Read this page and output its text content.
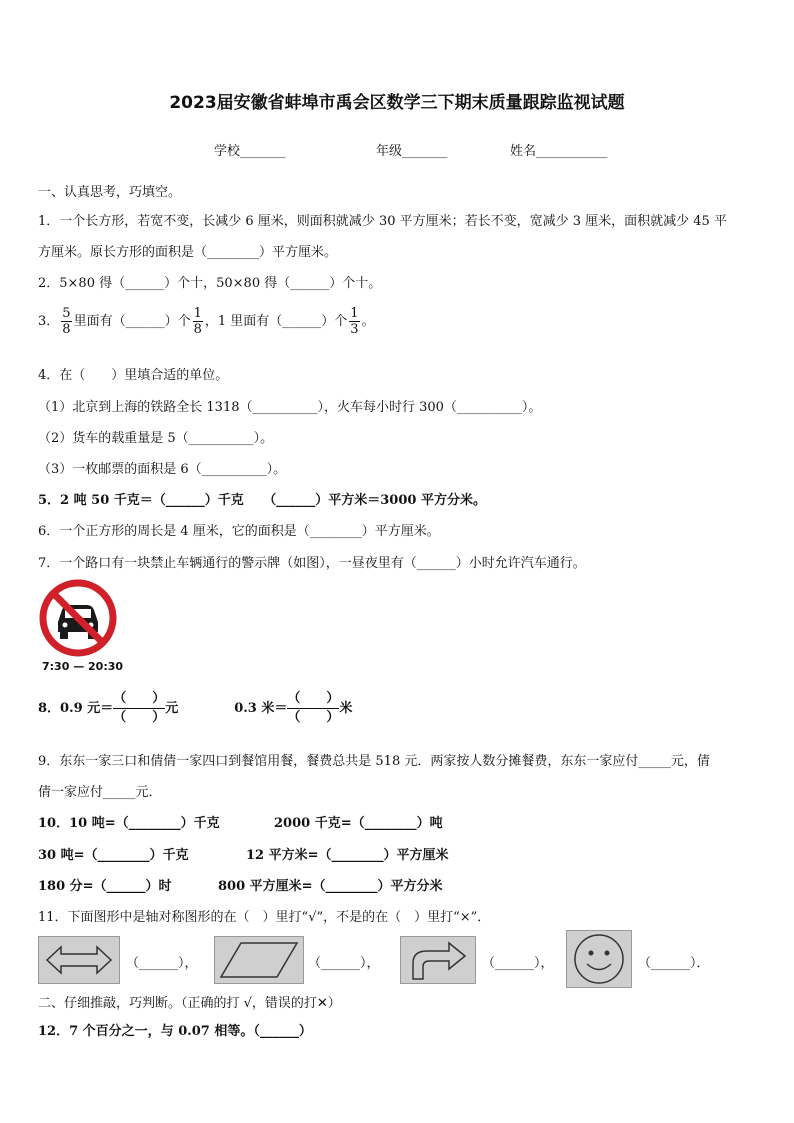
2023届安徽省蚌埠市禹会区数学三下期末质量跟踪监视试题
学校_______	年级_______	姓名___________
一、认真思考，巧填空。
1．一个长方形，若宽不变，长减少 6 厘米，则面积就减少 30 平方厘米；若长不变，宽减少 3 厘米，面积就减少 45 平
方厘米。原长方形的面积是（________）平方厘米。
2．5×80 得（______）个十，50×80 得（______）个十。
3． $\frac{5}{8}$ 里面有（______）个 $\frac{1}{8}$ ，1 里面有（______）个 $\frac{1}{3}$ 。
4．在（　　）里填合适的单位。
（1）北京到上海的铁路全长 1318（__________），火车每小时行 300（__________）。
（2）货车的载重量是 5（__________）。
（3）一枚邮票的面积是 6（__________）。
5．2 吨 50 千克＝（______）千克　　（______）平方米＝3000 平方分米。
6．一个正方形的周长是 4 厘米，它的面积是（________）平方厘米。
7．一个路口有一块禁止车辆通行的警示牌（如图），一昼夜里有（______）小时允许汽车通行。
7:30 — 20:30
8．0.9 元＝ $\frac{( )}{( )}$ 元	0.3 米＝ $\frac{( )}{( )}$ 米
9．东东一家三口和倩倩一家四口到餐馆用餐，餐费总共是 518 元．两家按人数分摊餐费，东东一家应付_____元，倩
倩一家应付_____元．
10．10 吨=（________）千克	2000 千克=（________）吨
30 吨=（________）千克	12 平方米=（________）平方厘米
180 分=（______）时	800 平方厘米=（________）平方分米
11．下面图形中是轴对称图形的在（　）里打“√”，不是的在（　）里打“×”．
（______），	（______），	（______），	（______）．
二、仔细推敲，巧判断。（正确的打 √，错误的打✕）
12．7 个百分之一，与 0.07 相等。（______）
